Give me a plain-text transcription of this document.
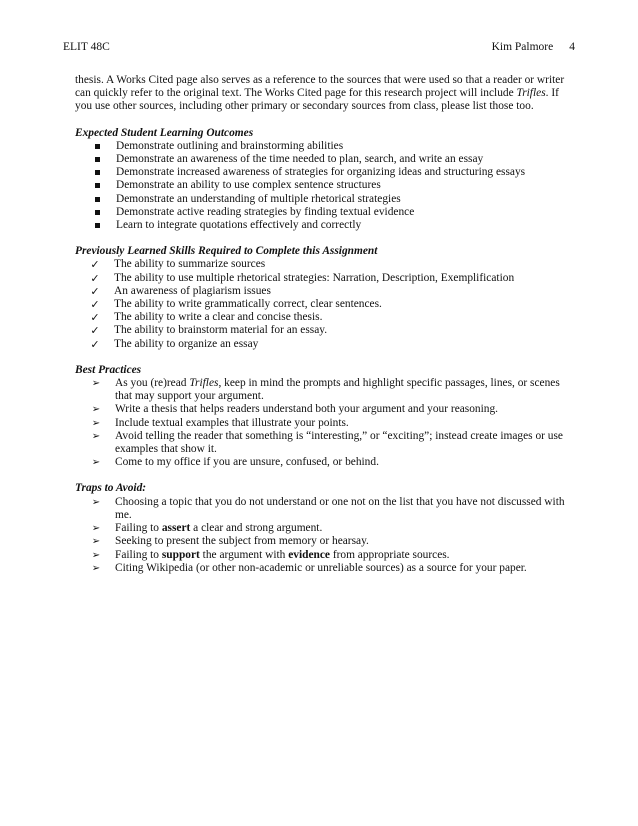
ELIT 48C	Kim Palmore 4

thesis. A Works Cited page also serves as a reference to the sources that were used so that a reader or writer can quickly refer to the original text. The Works Cited page for this research project will include Trifles. If you use other sources, including other primary or secondary sources from class, please list those too.

Expected Student Learning Outcomes

Demonstrate outlining and brainstorming abilities
Demonstrate an awareness of the time needed to plan, search, and write an essay
Demonstrate increased awareness of strategies for organizing ideas and structuring essays
Demonstrate an ability to use complex sentence structures
Demonstrate an understanding of multiple rhetorical strategies
Demonstrate active reading strategies by finding textual evidence
Learn to integrate quotations effectively and correctly

Previously Learned Skills Required to Complete this Assignment

✓ The ability to summarize sources
✓ The ability to use multiple rhetorical strategies: Narration, Description, Exemplification
✓ An awareness of plagiarism issues
✓ The ability to write grammatically correct, clear sentences.
✓ The ability to write a clear and concise thesis.
✓ The ability to brainstorm material for an essay.
✓ The ability to organize an essay

Best Practices

➢ As you (re)read Trifles, keep in mind the prompts and highlight specific passages, lines, or scenes that may support your argument.
➢ Write a thesis that helps readers understand both your argument and your reasoning.
➢ Include textual examples that illustrate your points.
➢ Avoid telling the reader that something is “interesting,” or “exciting”; instead create images or use examples that show it.
➢ Come to my office if you are unsure, confused, or behind.

Traps to Avoid:

➢ Choosing a topic that you do not understand or one not on the list that you have not discussed with me.
➢ Failing to assert a clear and strong argument.
➢ Seeking to present the subject from memory or hearsay.
➢ Failing to support the argument with evidence from appropriate sources.
➢ Citing Wikipedia (or other non-academic or unreliable sources) as a source for your paper.
